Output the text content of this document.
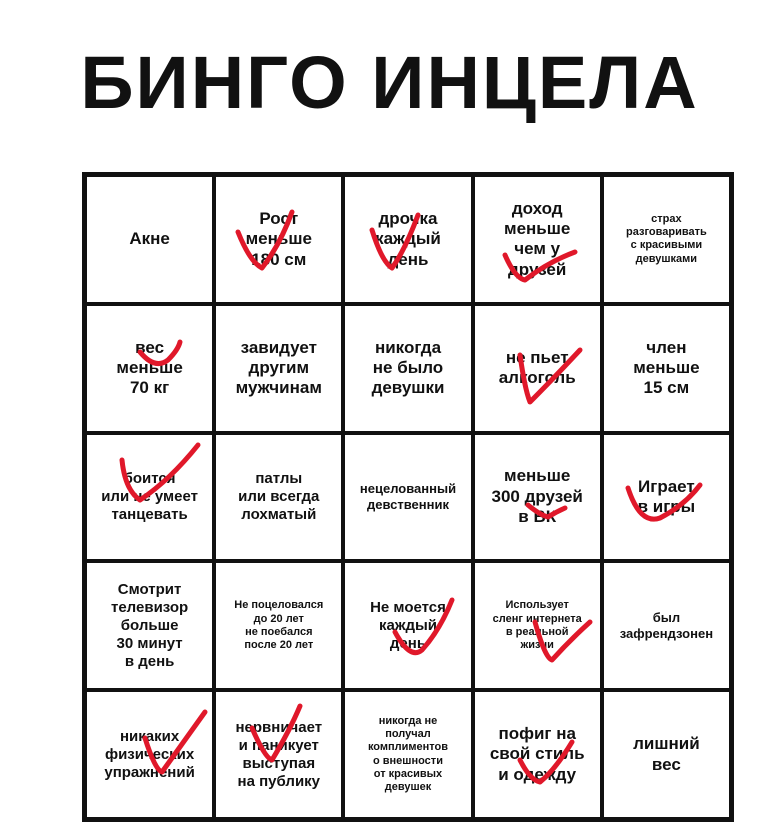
БИНГО ИНЦЕЛА
Акне
Рост
меньше
180 см
дрочка
каждый
день
доход
меньше
чем у
друзей
страх
разговаривать
с красивыми
девушками
вес
меньше
70 кг
завидует
другим
мужчинам
никогда
не было
девушки
не пьет
алкоголь
член
меньше
15 см
боится
или не умеет
танцевать
патлы
или всегда
лохматый
нецелованный
девственник
меньше
300 друзей
в ВК
Играет
в игры
Смотрит
телевизор
больше
30 минут
в день
Не поцеловался
до 20 лет
не поебался
после 20 лет
Не моется
каждый
день
Использует
сленг интернета
в реальной
жизни
был
зафрендзонен
никаких
физических
упражнений
нервничает
и паникует
выступая
на публику
никогда не
получал
комплиментов
о внешности
от красивых
девушек
пофиг на
свой стиль
и одежду
лишний
вес
